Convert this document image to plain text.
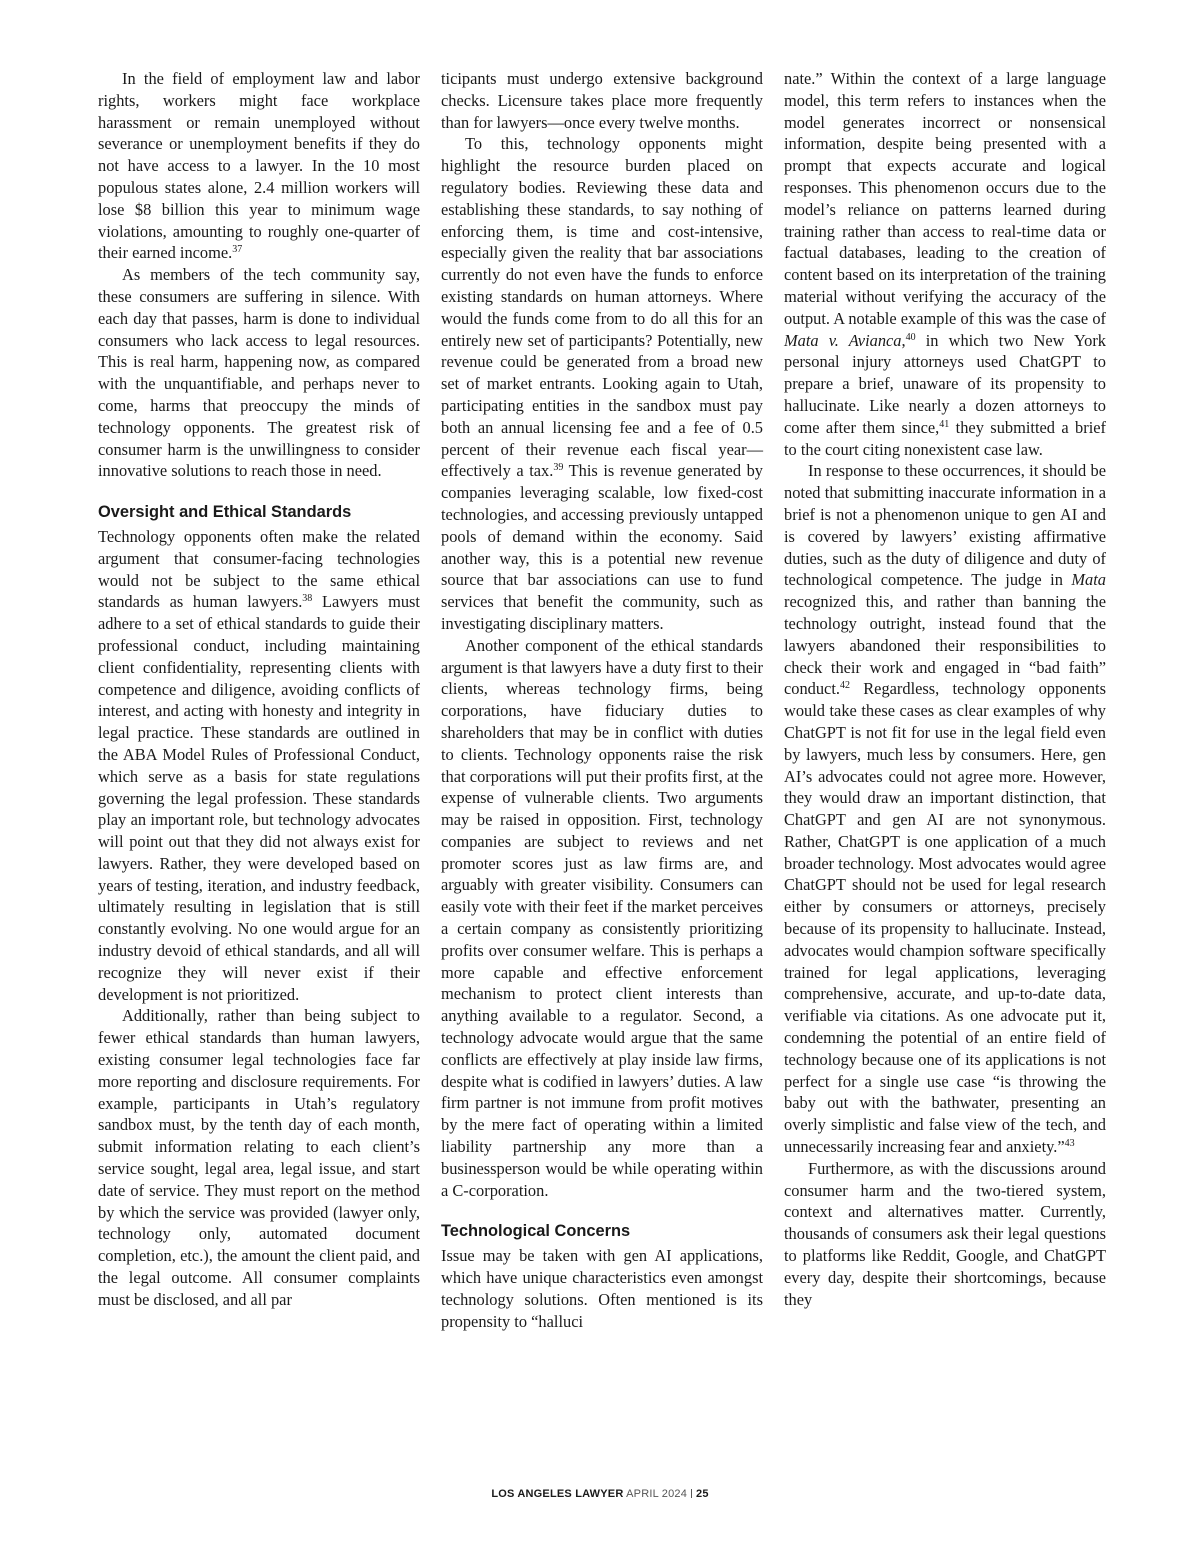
In the field of employment law and labor rights, workers might face workplace harassment or remain unemployed without severance or unemployment benefits if they do not have access to a lawyer. In the 10 most populous states alone, 2.4 million workers will lose $8 billion this year to minimum wage violations, amounting to roughly one-quarter of their earned income.$^{37}$

As members of the tech community say, these consumers are suffering in silence. With each day that passes, harm is done to individual consumers who lack access to legal resources. This is real harm, happening now, as compared with the unquantifiable, and perhaps never to come, harms that preoccupy the minds of technology opponents. The greatest risk of consumer harm is the unwillingness to consider innovative solutions to reach those in need.

Oversight and Ethical Standards

Technology opponents often make the related argument that consumer-facing technologies would not be subject to the same ethical standards as human lawyers.$^{38}$ Lawyers must adhere to a set of ethical standards to guide their professional conduct, including maintaining client confidentiality, representing clients with competence and diligence, avoiding conflicts of interest, and acting with honesty and integrity in legal practice. These standards are outlined in the ABA Model Rules of Professional Conduct, which serve as a basis for state regulations governing the legal profession. These standards play an important role, but technology advocates will point out that they did not always exist for lawyers. Rather, they were developed based on years of testing, iteration, and industry feedback, ultimately resulting in legislation that is still constantly evolving. No one would argue for an industry devoid of ethical standards, and all will recognize they will never exist if their development is not prioritized.

Additionally, rather than being subject to fewer ethical standards than human lawyers, existing consumer legal technologies face far more reporting and disclosure requirements. For example, participants in Utah’s regulatory sandbox must, by the tenth day of each month, submit information relating to each client’s service sought, legal area, legal issue, and start date of service. They must report on the method by which the service was provided (lawyer only, technology only, automated document completion, etc.), the amount the client paid, and the legal outcome. All consumer complaints must be disclosed, and all par

ticipants must undergo extensive background checks. Licensure takes place more frequently than for lawyers—once every twelve months.

To this, technology opponents might highlight the resource burden placed on regulatory bodies. Reviewing these data and establishing these standards, to say nothing of enforcing them, is time and cost-intensive, especially given the reality that bar associations currently do not even have the funds to enforce existing standards on human attorneys. Where would the funds come from to do all this for an entirely new set of participants? Potentially, new revenue could be generated from a broad new set of market entrants. Looking again to Utah, participating entities in the sandbox must pay both an annual licensing fee and a fee of 0.5 percent of their revenue each fiscal year—effectively a tax.$^{39}$ This is revenue generated by companies leveraging scalable, low fixed-cost technologies, and accessing previously untapped pools of demand within the economy. Said another way, this is a potential new revenue source that bar associations can use to fund services that benefit the community, such as investigating disciplinary matters.

Another component of the ethical standards argument is that lawyers have a duty first to their clients, whereas technology firms, being corporations, have fiduciary duties to shareholders that may be in conflict with duties to clients. Technology opponents raise the risk that corporations will put their profits first, at the expense of vulnerable clients. Two arguments may be raised in opposition. First, technology companies are subject to reviews and net promoter scores just as law firms are, and arguably with greater visibility. Consumers can easily vote with their feet if the market perceives a certain company as consistently prioritizing profits over consumer welfare. This is perhaps a more capable and effective enforcement mechanism to protect client interests than anything available to a regulator. Second, a technology advocate would argue that the same conflicts are effectively at play inside law firms, despite what is codified in lawyers’ duties. A law firm partner is not immune from profit motives by the mere fact of operating within a limited liability partnership any more than a businessperson would be while operating within a C-corporation.

Technological Concerns

Issue may be taken with gen AI applications, which have unique characteristics even amongst technology solutions. Often mentioned is its propensity to “halluci

nate.” Within the context of a large language model, this term refers to instances when the model generates incorrect or nonsensical information, despite being presented with a prompt that expects accurate and logical responses. This phenomenon occurs due to the model’s reliance on patterns learned during training rather than access to real-time data or factual databases, leading to the creation of content based on its interpretation of the training material without verifying the accuracy of the output. A notable example of this was the case of Mata v. Avianca,$^{40}$ in which two New York personal injury attorneys used ChatGPT to prepare a brief, unaware of its propensity to hallucinate. Like nearly a dozen attorneys to come after them since,$^{41}$ they submitted a brief to the court citing nonexistent case law.

In response to these occurrences, it should be noted that submitting inaccurate information in a brief is not a phenomenon unique to gen AI and is covered by lawyers’ existing affirmative duties, such as the duty of diligence and duty of technological competence. The judge in Mata recognized this, and rather than banning the technology outright, instead found that the lawyers abandoned their responsibilities to check their work and engaged in “bad faith” conduct.$^{42}$ Regardless, technology opponents would take these cases as clear examples of why ChatGPT is not fit for use in the legal field even by lawyers, much less by consumers. Here, gen AI’s advocates could not agree more. However, they would draw an important distinction, that ChatGPT and gen AI are not synonymous. Rather, ChatGPT is one application of a much broader technology. Most advocates would agree ChatGPT should not be used for legal research either by consumers or attorneys, precisely because of its propensity to hallucinate. Instead, advocates would champion software specifically trained for legal applications, leveraging comprehensive, accurate, and up-to-date data, verifiable via citations. As one advocate put it, condemning the potential of an entire field of technology because one of its applications is not perfect for a single use case “is throwing the baby out with the bathwater, presenting an overly simplistic and false view of the tech, and unnecessarily increasing fear and anxiety.”$^{43}$

Furthermore, as with the discussions around consumer harm and the two-tiered system, context and alternatives matter. Currently, thousands of consumers ask their legal questions to platforms like Reddit, Google, and ChatGPT every day, despite their shortcomings, because they

LOS ANGELES LAWYER APRIL 2024 25
